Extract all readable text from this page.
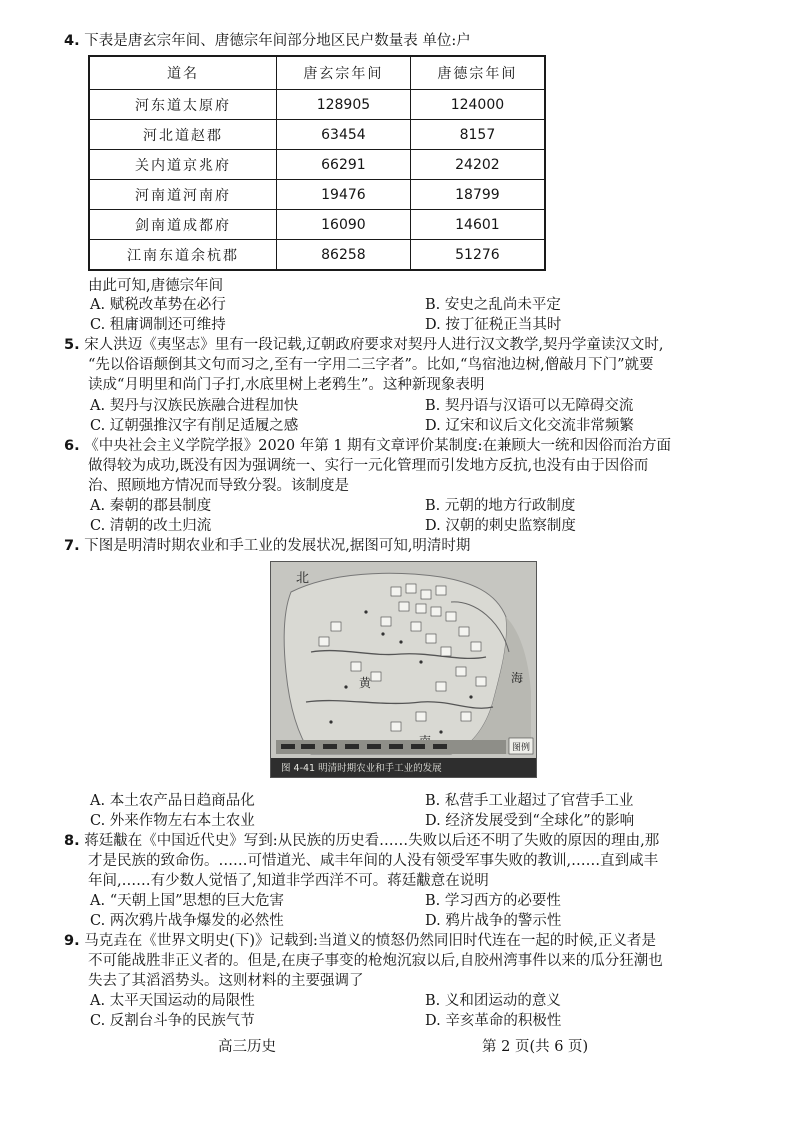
4. 下表是唐玄宗年间、唐德宗年间部分地区民户数量表 单位:户
道名	唐玄宗年间	唐德宗年间
河东道太原府	128905	124000
河北道赵郡	63454	8157
关内道京兆府	66291	24202
河南道河南府	19476	18799
剑南道成都府	16090	14601
江南东道余杭郡	86258	51276
由此可知,唐德宗年间
A. 赋税改革势在必行	B. 安史之乱尚未平定
C. 租庸调制还可维持	D. 按丁征税正当其时
5. 宋人洪迈《夷坚志》里有一段记载,辽朝政府要求对契丹人进行汉文教学,契丹学童读汉文时,
“先以俗语颠倒其文句而习之,至有一字用二三字者”。比如,“鸟宿池边树,僧敲月下门”就要
读成“月明里和尚门子打,水底里树上老鸦生”。这种新现象表明
A. 契丹与汉族民族融合进程加快	B. 契丹语与汉语可以无障碍交流
C. 辽朝强推汉字有削足适履之感	D. 辽宋和议后文化交流非常频繁
6. 《中央社会主义学院学报》2020 年第 1 期有文章评价某制度:在兼顾大一统和因俗而治方面
做得较为成功,既没有因为强调统一、实行一元化管理而引发地方反抗,也没有由于因俗而
治、照顾地方情况而导致分裂。该制度是
A. 秦朝的郡县制度	B. 元朝的地方行政制度
C. 清朝的改土归流	D. 汉朝的刺史监察制度
7. 下图是明清时期农业和手工业的发展状况,据图可知,明清时期
北
黄	海
图例
图 4-41 明清时期农业和手工业的发展
A. 本土农产品日趋商品化	B. 私营手工业超过了官营手工业
C. 外来作物左右本土农业	D. 经济发展受到“全球化”的影响
8. 蒋廷黻在《中国近代史》写到:从民族的历史看……失败以后还不明了失败的原因的理由,那
才是民族的致命伤。……可惜道光、咸丰年间的人没有领受军事失败的教训,……直到咸丰
年间,……有少数人觉悟了,知道非学西洋不可。蒋廷黻意在说明
A. “天朝上国”思想的巨大危害	B. 学习西方的必要性
C. 两次鸦片战争爆发的必然性	D. 鸦片战争的警示性
9. 马克垚在《世界文明史(下)》记载到:当道义的愤怒仍然同旧时代连在一起的时候,正义者是
不可能战胜非正义者的。但是,在庚子事变的枪炮沉寂以后,自胶州湾事件以来的瓜分狂潮也
失去了其滔滔势头。这则材料的主要强调了
A. 太平天国运动的局限性	B. 义和团运动的意义
C. 反割台斗争的民族气节	D. 辛亥革命的积极性
高三历史	第 2 页(共 6 页)
